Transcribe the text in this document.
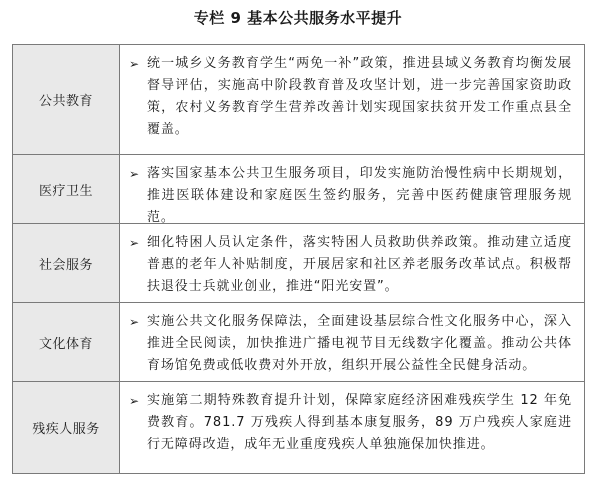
专栏 9 基本公共服务水平提升
公共教育
➢ 统一城乡义务教育学生“两免一补”政策，推进县域义务教育均衡发展督导评估，实施高中阶段教育普及攻坚计划，进一步完善国家资助政策，农村义务教育学生营养改善计划实现国家扶贫开发工作重点县全覆盖。
医疗卫生
➢ 落实国家基本公共卫生服务项目，印发实施防治慢性病中长期规划，推进医联体建设和家庭医生签约服务，完善中医药健康管理服务规范。
社会服务
➢ 细化特困人员认定条件，落实特困人员救助供养政策。推动建立适度普惠的老年人补贴制度，开展居家和社区养老服务改革试点。积极帮扶退役士兵就业创业，推进“阳光安置”。
文化体育
➢ 实施公共文化服务保障法，全面建设基层综合性文化服务中心，深入推进全民阅读，加快推进广播电视节目无线数字化覆盖。推动公共体育场馆免费或低收费对外开放，组织开展公益性全民健身活动。
残疾人服务
➢ 实施第二期特殊教育提升计划，保障家庭经济困难残疾学生 12 年免费教育。781.7 万残疾人得到基本康复服务，89 万户残疾人家庭进行无障碍改造，成年无业重度残疾人单独施保加快推进。
